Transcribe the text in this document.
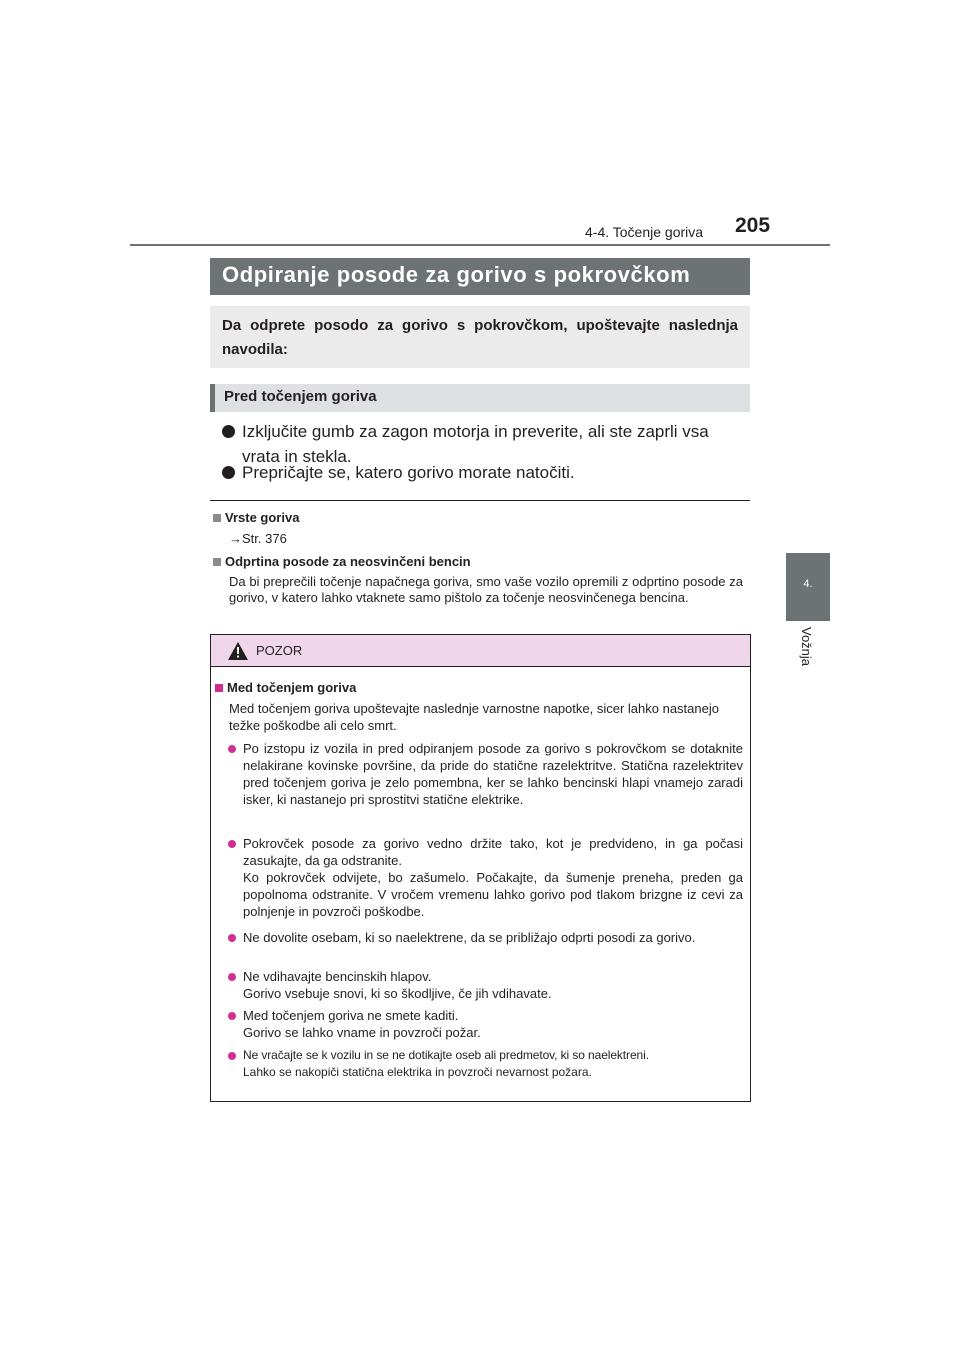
4-4. Točenje goriva 205
4.
Vožnja
Odpiranje posode za gorivo s pokrovčkom
Da odprete posodo za gorivo s pokrovčkom, upoštevajte naslednja navodila:
Pred točenjem goriva
Izključite gumb za zagon motorja in preverite, ali ste zaprli vsa vrata in stekla.
Prepričajte se, katero gorivo morate natočiti.
Vrste goriva
→Str. 376
Odprtina posode za neosvinčeni bencin
Da bi preprečili točenje napačnega goriva, smo vaše vozilo opremili z odprtino posode za gorivo, v katero lahko vtaknete samo pištolo za točenje neosvinčenega bencina.
POZOR
Med točenjem goriva
Med točenjem goriva upoštevajte naslednje varnostne napotke, sicer lahko nastanejo težke poškodbe ali celo smrt.
Po izstopu iz vozila in pred odpiranjem posode za gorivo s pokrovčkom se dotaknite nelakirane kovinske površine, da pride do statične razelektritve. Statična razelektritev pred točenjem goriva je zelo pomembna, ker se lahko bencinski hlapi vnamejo zaradi isker, ki nastanejo pri sprostitvi statične elektrike.
Pokrovček posode za gorivo vedno držite tako, kot je predvideno, in ga počasi zasukajte, da ga odstranite.
Ko pokrovček odvijete, bo zašumelo. Počakajte, da šumenje preneha, preden ga popolnoma odstranite. V vročem vremenu lahko gorivo pod tlakom brizgne iz cevi za polnjenje in povzroči poškodbe.
Ne dovolite osebam, ki so naelektrene, da se približajo odprti posodi za gorivo.
Ne vdihavajte bencinskih hlapov.
Gorivo vsebuje snovi, ki so škodljive, če jih vdihavate.
Med točenjem goriva ne smete kaditi.
Gorivo se lahko vname in povzroči požar.
Ne vračajte se k vozilu in se ne dotikajte oseb ali predmetov, ki so naelektreni.
Lahko se nakopiči statična elektrika in povzroči nevarnost požara.
